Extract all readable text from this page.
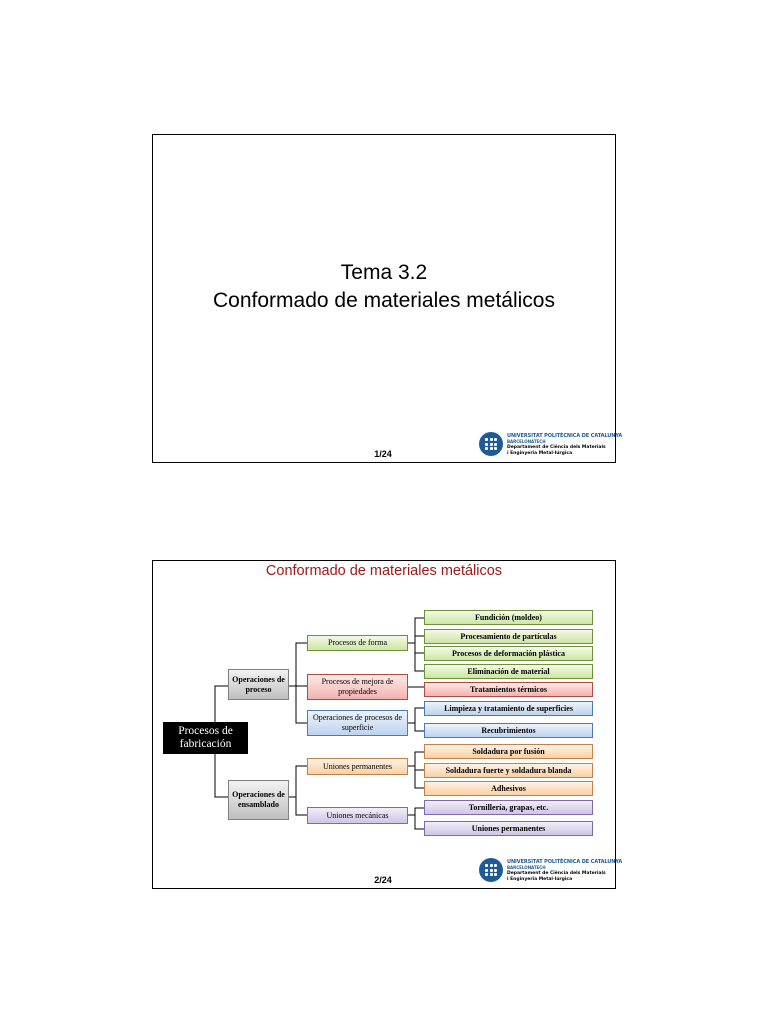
Tema 3.2
Conformado de materiales metálicos
1/24
UNIVERSITAT POLITÈCNICA DE CATALUNYA
BARCELONATECH
Departament de Ciència dels Materials
i Enginyeria Metal·lúrgica
Conformado de materiales metálicos
Procesos de fabricación
Operaciones de proceso
Operaciones de ensamblado
Procesos de forma
Procesos de mejora de propiedades
Operaciones de procesos de superficie
Uniones permanentes
Uniones mecánicas
Fundición (moldeo)
Procesamiento de partículas
Procesos de deformación plástica
Eliminación de material
Tratamientos térmicos
Limpieza y tratamiento de superficies
Recubrimientos
Soldadura por fusión
Soldadura fuerte y soldadura blanda
Adhesivos
Tornillería, grapas, etc.
Uniones permanentes
2/24
UNIVERSITAT POLITÈCNICA DE CATALUNYA
BARCELONATECH
Departament de Ciència dels Materials
i Enginyeria Metal·lúrgica
